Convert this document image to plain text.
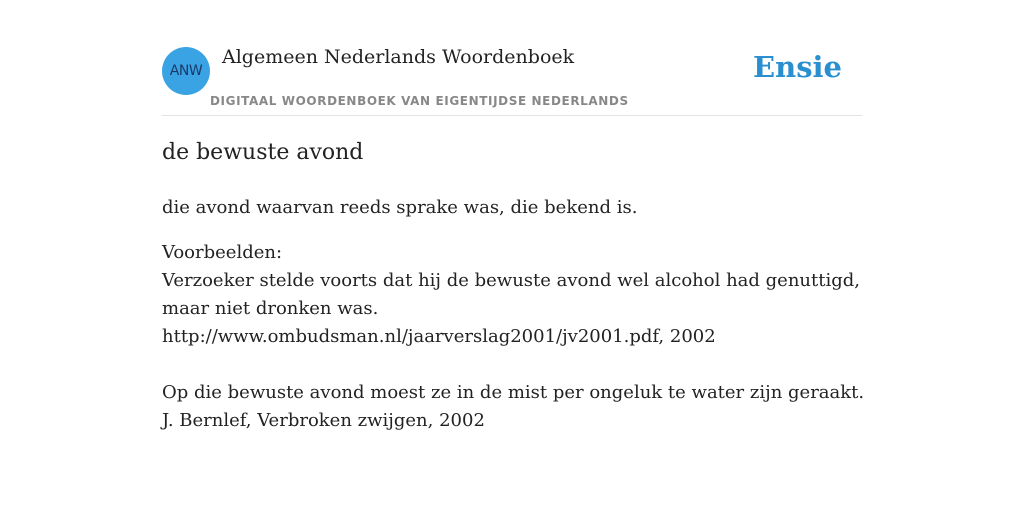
ANW
Algemeen Nederlands Woordenboek
DIGITAAL WOORDENBOEK VAN EIGENTIJDSE NEDERLANDS
Ensie
de bewuste avond
die avond waarvan reeds sprake was, die bekend is.
Voorbeelden:
Verzoeker stelde voorts dat hij de bewuste avond wel alcohol had genuttigd,
maar niet dronken was.
http://www.ombudsman.nl/jaarverslag2001/jv2001.pdf, 2002
Op die bewuste avond moest ze in de mist per ongeluk te water zijn geraakt.
J. Bernlef, Verbroken zwijgen, 2002
